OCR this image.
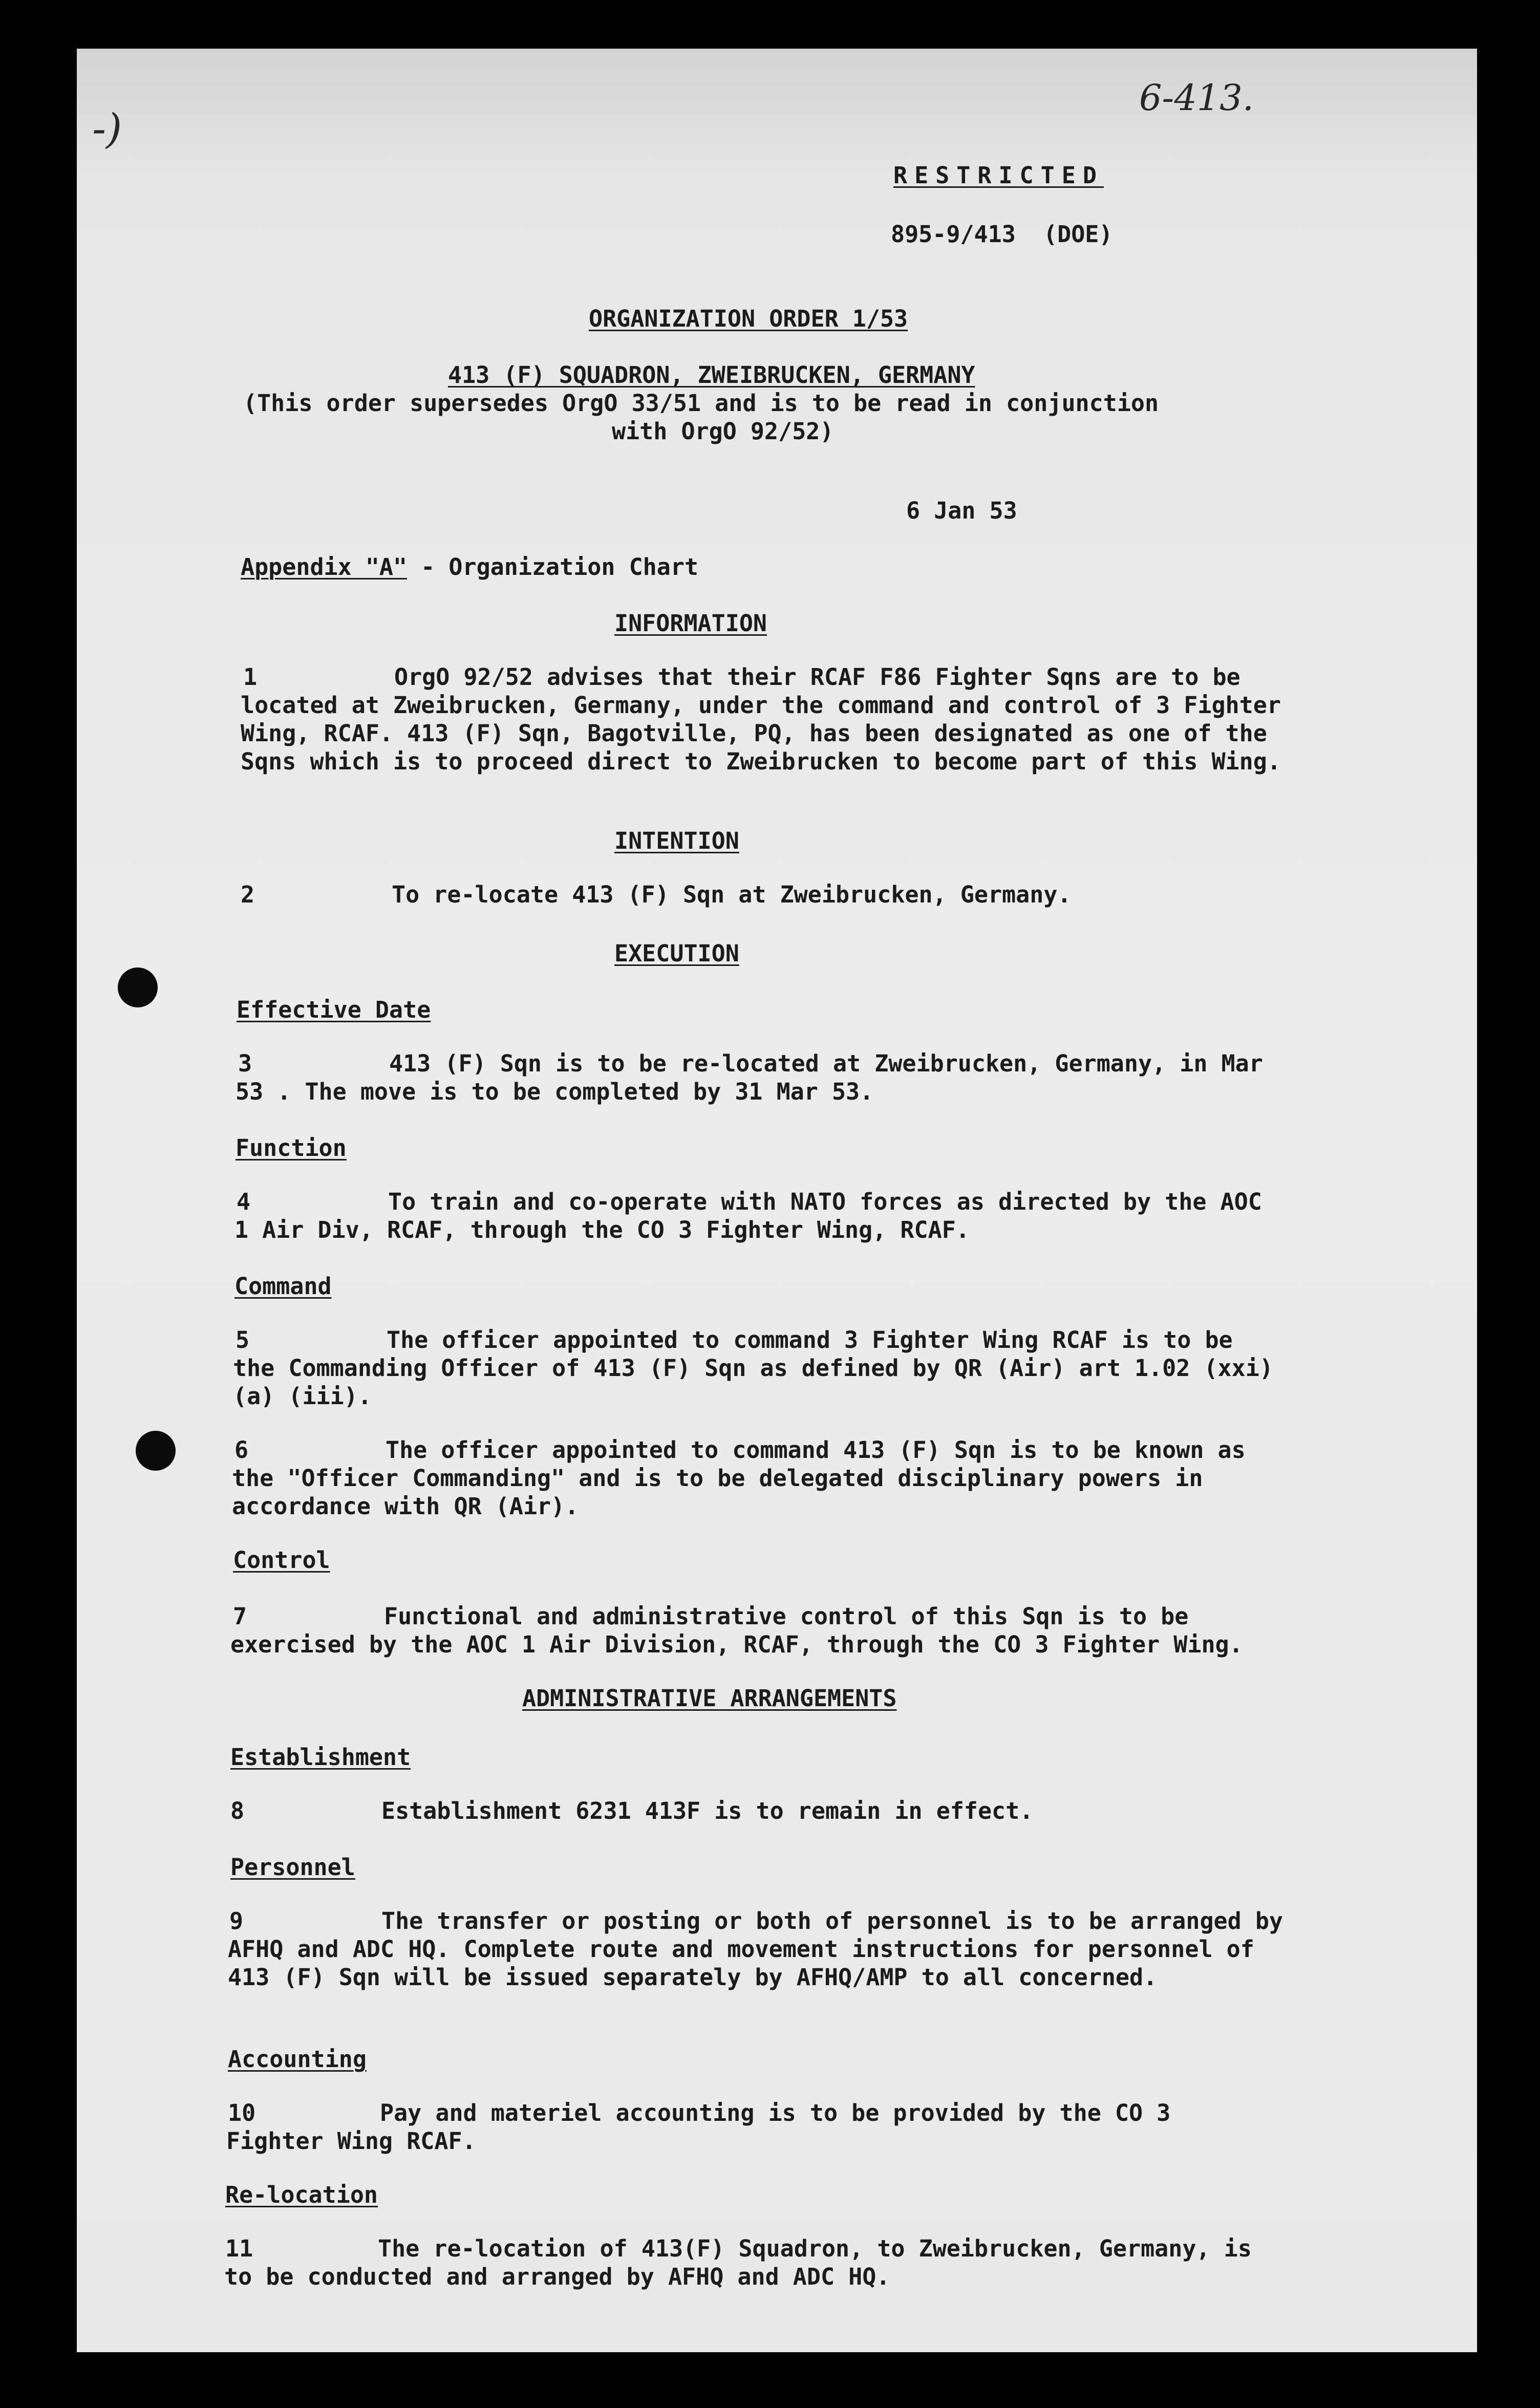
6-413.
-)
RESTRICTED
895-9/413  (DOE)
ORGANIZATION ORDER 1/53
413 (F) SQUADRON, ZWEIBRUCKEN, GERMANY
(This order supersedes OrgO 33/51 and is to be read in conjunction
with OrgO 92/52)
6 Jan 53
Appendix "A" - Organization Chart
INFORMATION
1	OrgO 92/52 advises that their RCAF F86 Fighter Sqns are to be located at Zweibrucken, Germany, under the command and control of 3 Fighter Wing, RCAF. 413 (F) Sqn, Bagotville, PQ, has been designated as one of the Sqns which is to proceed direct to Zweibrucken to become part of this Wing.

INTENTION
2	To re-locate 413 (F) Sqn at Zweibrucken, Germany.

EXECUTION
Effective Date
3	413 (F) Sqn is to be re-located at Zweibrucken, Germany, in Mar 53 . The move is to be completed by 31 Mar 53.

Function
4	To train and co-operate with NATO forces as directed by the AOC 1 Air Div, RCAF, through the CO 3 Fighter Wing, RCAF.

Command
5	The officer appointed to command 3 Fighter Wing RCAF is to be the Commanding Officer of 413 (F) Sqn as defined by QR (Air) art 1.02 (xxi) (a) (iii).

6	The officer appointed to command 413 (F) Sqn is to be known as the "Officer Commanding" and is to be delegated disciplinary powers in accordance with QR (Air).

Control
7	Functional and administrative control of this Sqn is to be exercised by the AOC 1 Air Division, RCAF, through the CO 3 Fighter Wing.

ADMINISTRATIVE ARRANGEMENTS
Establishment
8	Establishment 6231 413F is to remain in effect.

Personnel
9	The transfer or posting or both of personnel is to be arranged by AFHQ and ADC HQ. Complete route and movement instructions for personnel of 413 (F) Sqn will be issued separately by AFHQ/AMP to all concerned.

Accounting
10	Pay and materiel accounting is to be provided by the CO 3 Fighter Wing RCAF.

Re-location
11	The re-location of 413(F) Squadron, to Zweibrucken, Germany, is to be conducted and arranged by AFHQ and ADC HQ.
